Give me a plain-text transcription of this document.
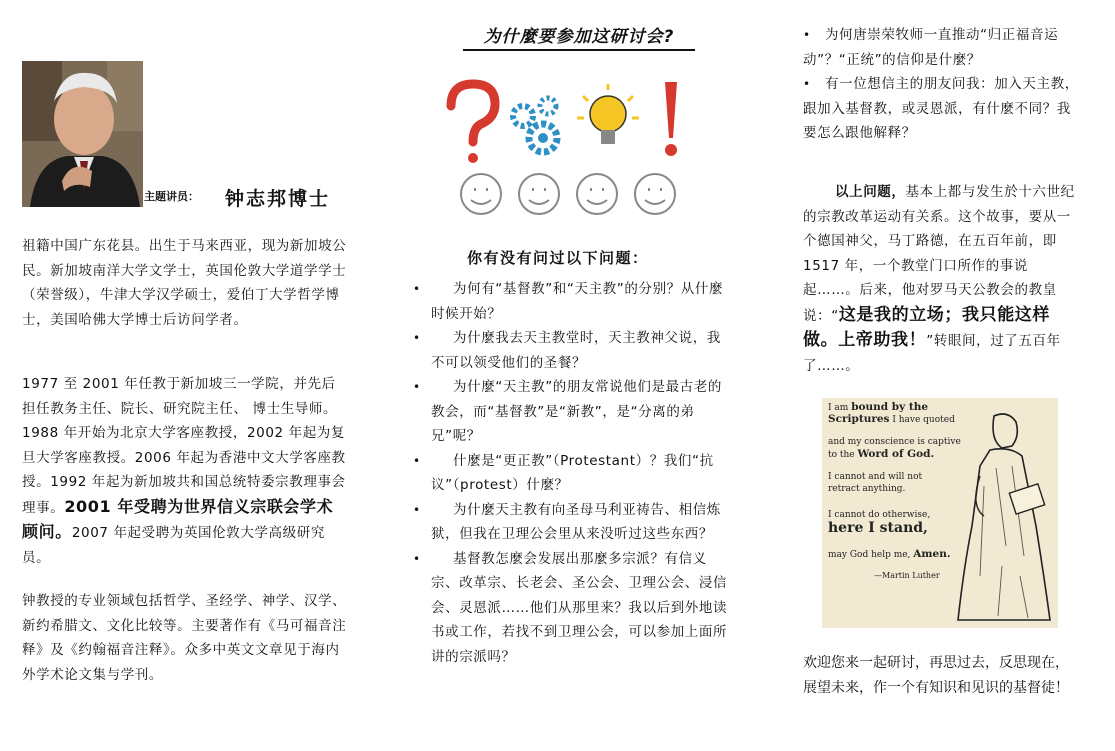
主题讲员： 钟志邦博士

祖籍中国广东花县。出生于马来西亚，现为新加坡公民。新加坡南洋大学文学士，英国伦敦大学道学学士（荣誉级），牛津大学汉学硕士，爱伯丁大学哲学博士，美国哈佛大学博士后访问学者。

1977 至 2001 年任教于新加坡三一学院，并先后担任教务主任、院长、研究院主任、 博士生导师。1988 年开始为北京大学客座教授，2002 年起为复旦大学客座教授。2006 年起为香港中文大学客座教授。1992 年起为新加坡共和国总统特委宗教理事会理事。2001 年受聘为世界信义宗联会学术顾问。2007 年起受聘为英国伦敦大学高级研究员。

钟教授的专业领域包括哲学、圣经学、神学、汉学、新约希腊文、文化比较等。主要著作有《马可福音注释》及《约翰福音注释》。众多中英文文章见于海内外学术论文集与学刊。

为什麼要参加这研讨会?
你有没有问过以下问题：
• 为何有“基督教”和“天主教”的分别？从什麼时候开始？
• 为什麼我去天主教堂时，天主教神父说，我不可以领受他们的圣餐？
• 为什麼“天主教”的朋友常说他们是最古老的教会，而“基督教”是“新教”，是“分离的弟兄”呢？
• 什麼是“更正教”（Protestant）？我们“抗议”（protest）什麼？
• 为什麼天主教有向圣母马利亚祷告、相信炼狱，但我在卫理公会里从来没听过这些东西？
• 基督教怎麼会发展出那麼多宗派？有信义宗、改革宗、长老会、圣公会、卫理公会、浸信会、灵恩派……他们从那里来？我以后到外地读书或工作，若找不到卫理公会，可以参加上面所讲的宗派吗？
• 为何唐崇荣牧师一直推动“归正福音运动”？“正统”的信仰是什麼？
• 有一位想信主的朋友问我：加入天主教，跟加入基督教，或灵恩派，有什麼不同？我要怎么跟他解释？

以上问题，基本上都与发生於十六世纪的宗教改革运动有关系。这个故事，要从一个德国神父，马丁路德，在五百年前，即 1517 年，一个教堂门口所作的事说起……。后来，他对罗马天公教会的教皇说：“这是我的立场；我只能这样做。上帝助我！”转眼间，过了五百年了……。

I am bound by the
Scriptures I have quoted
and my conscience is captive
to the Word of God.
I cannot and will not
retract anything.
I cannot do otherwise,
here I stand,
may God help me, Amen.
—Martin Luther
欢迎您来一起研讨，再思过去，反思现在，展望未来，作一个有知识和见识的基督徒！
